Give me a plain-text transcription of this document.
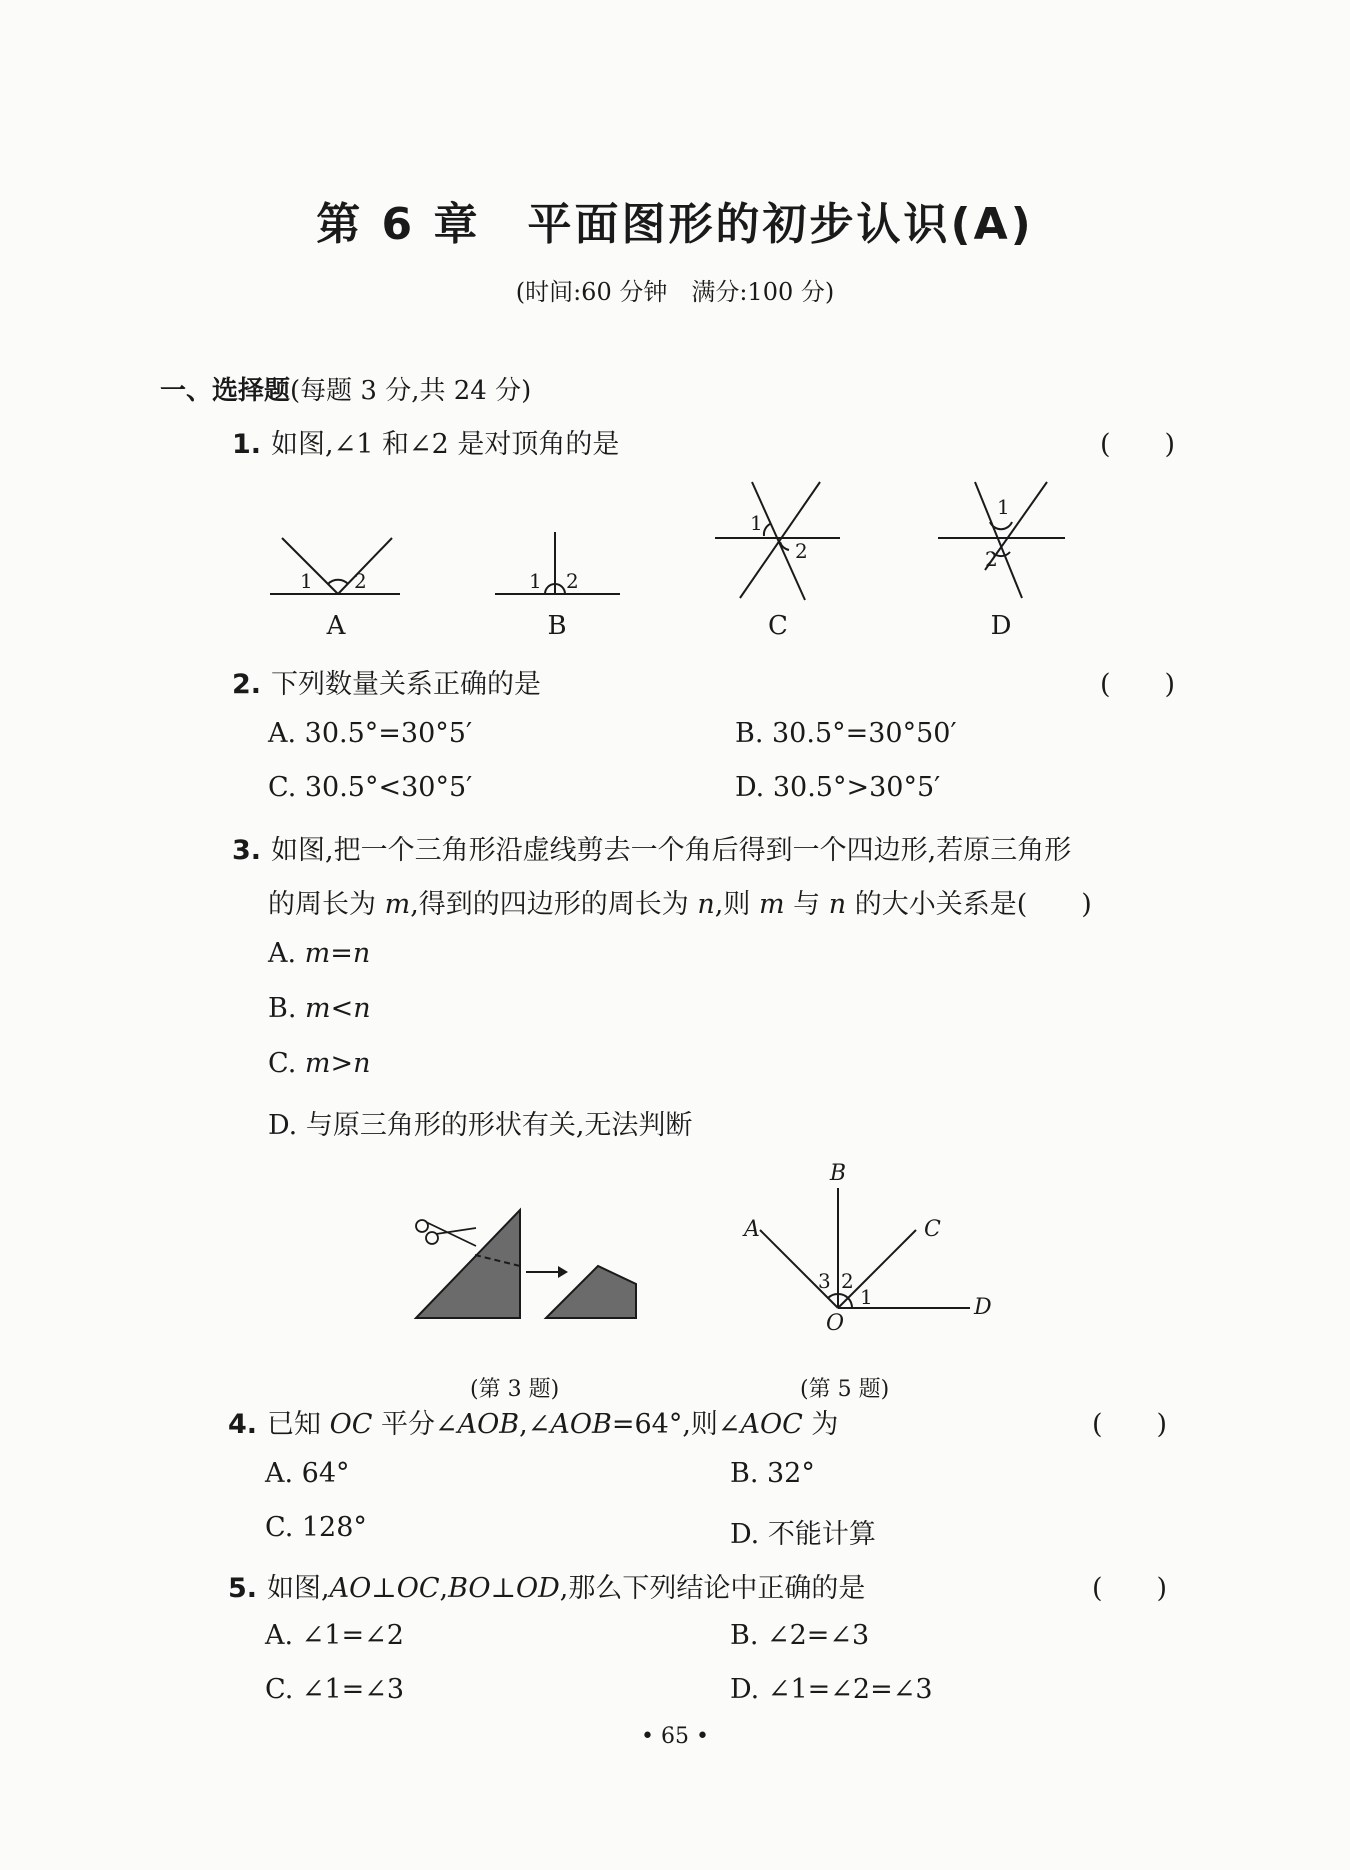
第 6 章　平面图形的初步认识(A)
(时间:60 分钟　满分:100 分)
一、选择题(每题 3 分,共 24 分)
1. 如图,∠1 和∠2 是对顶角的是	(　　)
1 2	1 2
1
2
1
2
A	B	C	D
2. 下列数量关系正确的是	(　　)
A. 30.5°=30°5′	B. 30.5°=30°50′
C. 30.5°<30°5′	D. 30.5°>30°5′
3. 如图,把一个三角形沿虚线剪去一个角后得到一个四边形,若原三角形
的周长为 m,得到的四边形的周长为 n,则 m 与 n 的大小关系是(　　)
A. m=n
B. m<n
C. m>n
D. 与原三角形的形状有关,无法判断
(第 3 题)
B
A	C
D
O
3 2
1
(第 5 题)
4. 已知 OC 平分∠AOB,∠AOB=64°,则∠AOC 为	(　　)
A. 64°	B. 32°
C. 128°	D. 不能计算
5. 如图,AO⊥OC,BO⊥OD,那么下列结论中正确的是	(　　)
A. ∠1=∠2	B. ∠2=∠3
C. ∠1=∠3	D. ∠1=∠2=∠3
• 65 •
